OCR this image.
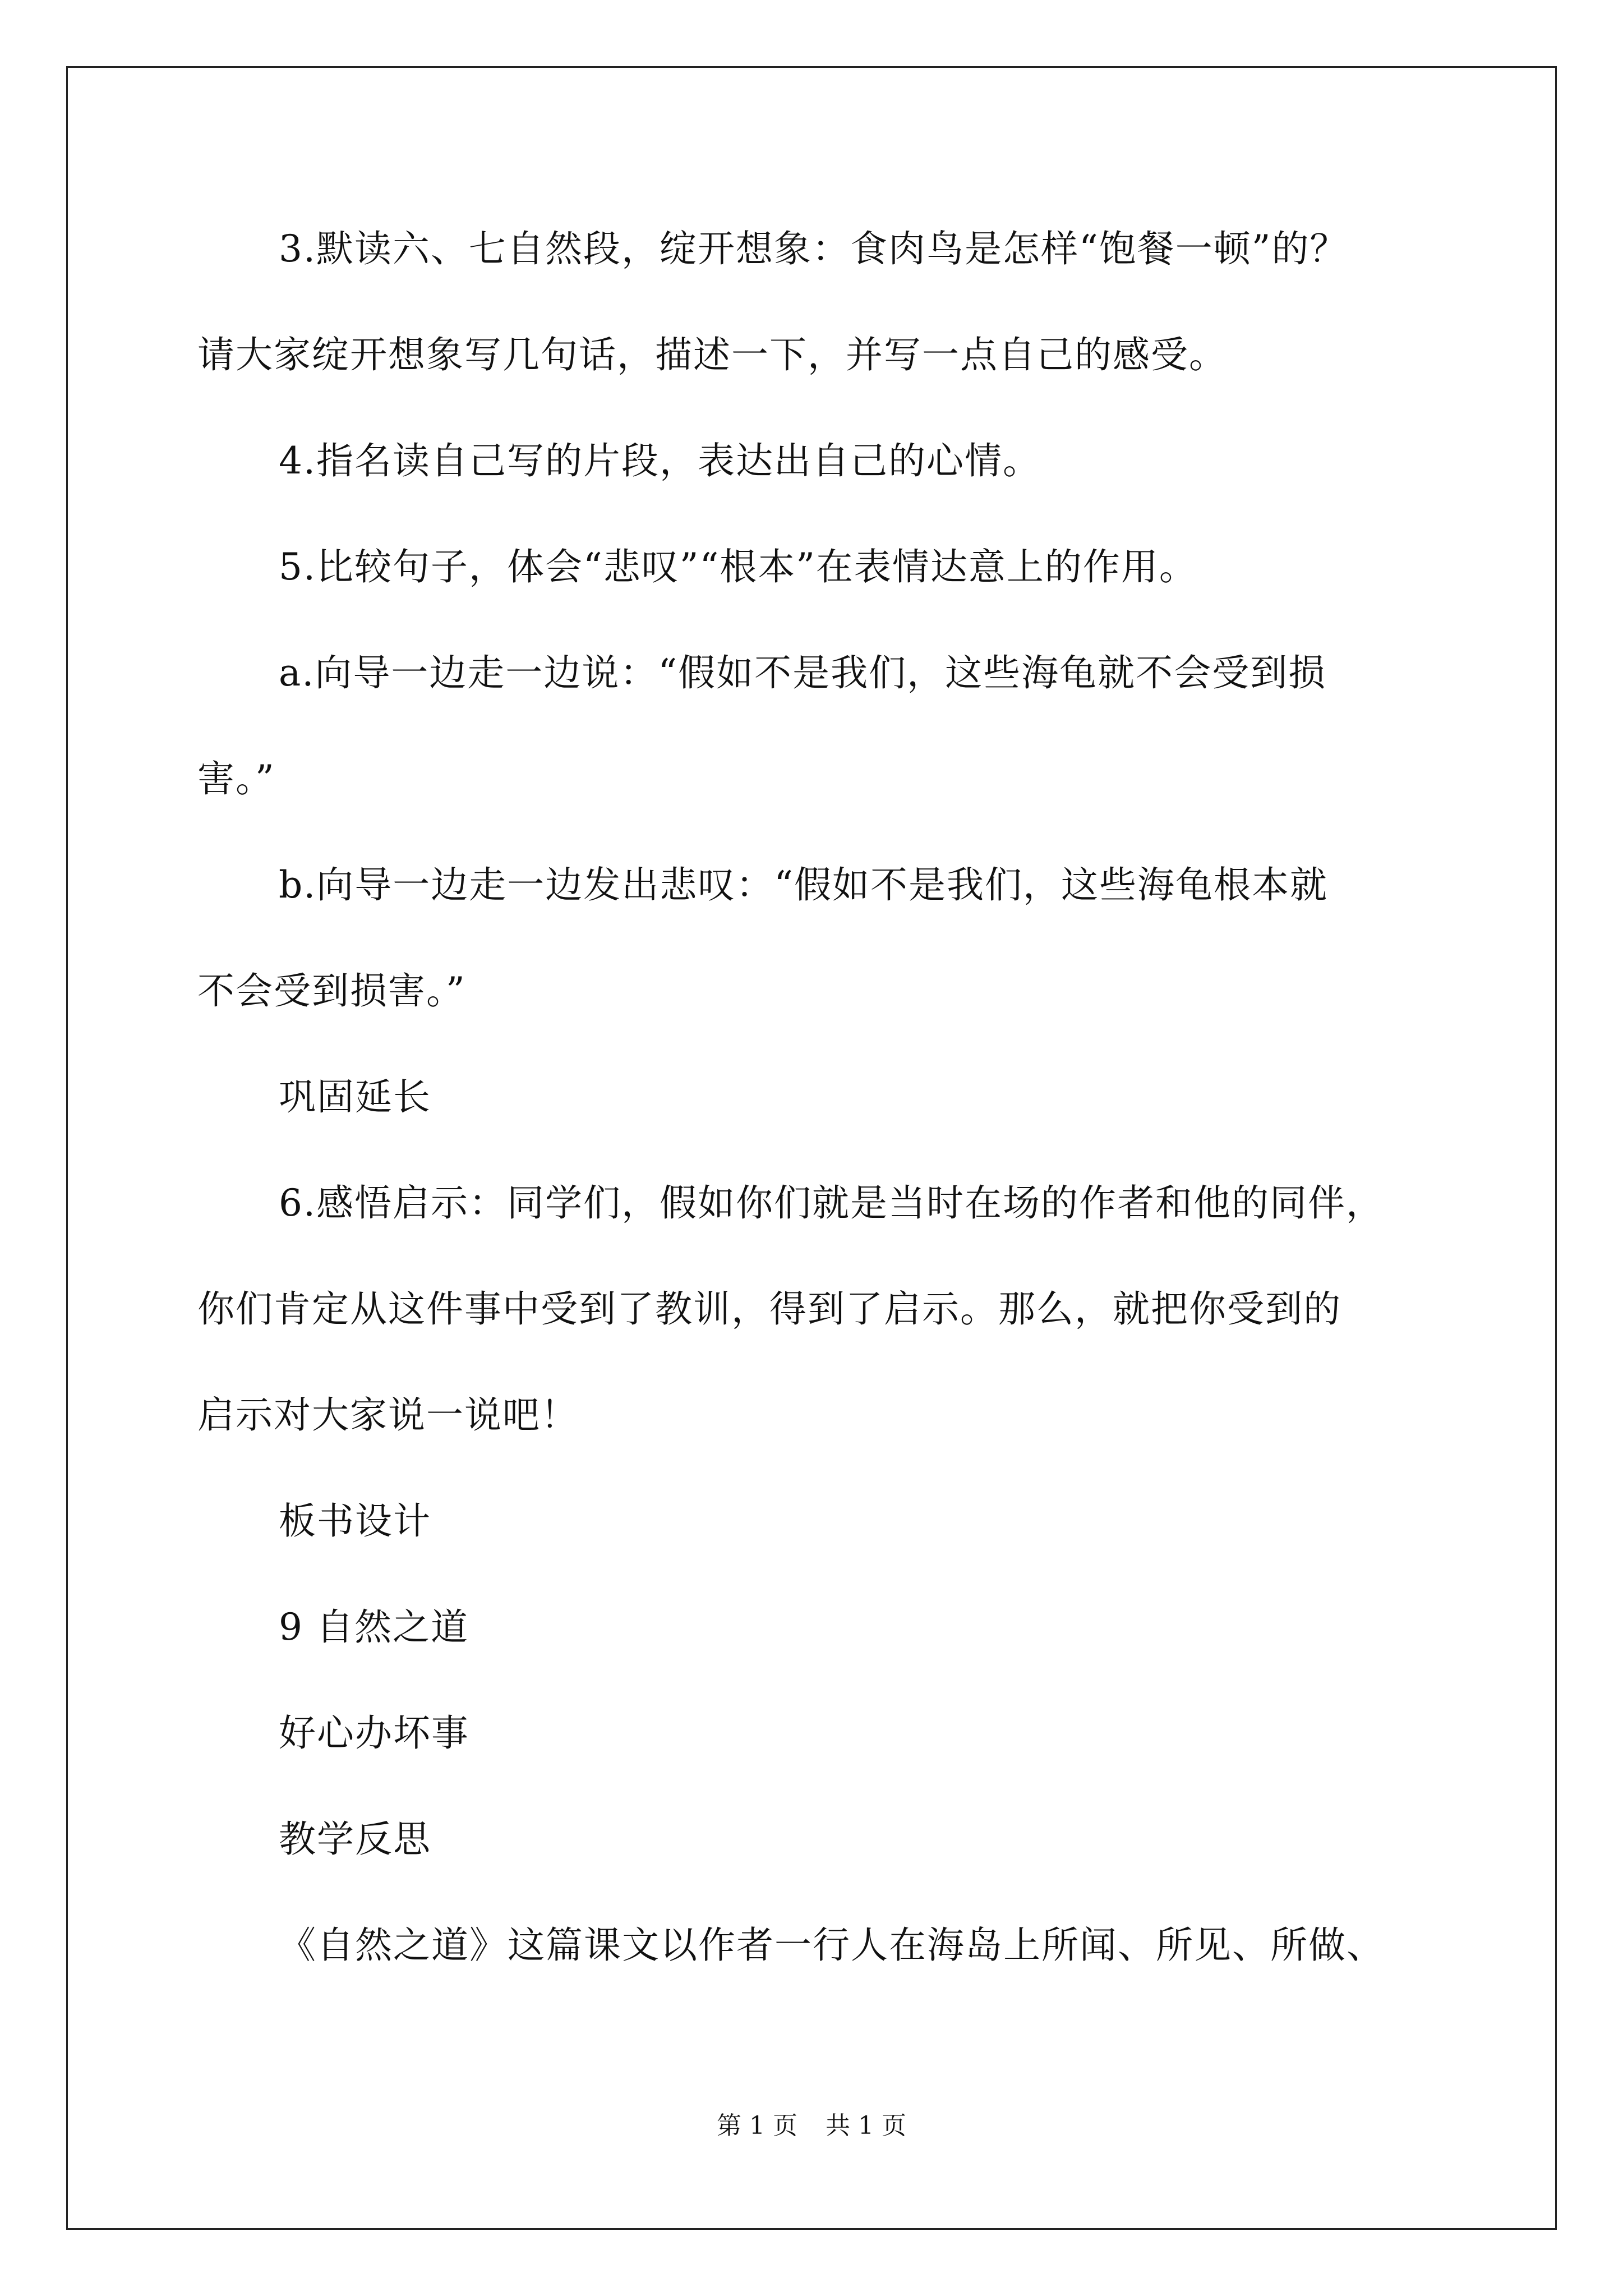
3.默读六、七自然段，绽开想象：食肉鸟是怎样“饱餐一顿”的？
请大家绽开想象写几句话，描述一下，并写一点自己的感受。
4.指名读自己写的片段，表达出自己的心情。
5.比较句子，体会“悲叹”“根本”在表情达意上的作用。
a.向导一边走一边说：“假如不是我们，这些海龟就不会受到损
害。”
b.向导一边走一边发出悲叹：“假如不是我们，这些海龟根本就
不会受到损害。”
巩固延长
6.感悟启示：同学们，假如你们就是当时在场的作者和他的同伴，
你们肯定从这件事中受到了教训，得到了启示。那么，就把你受到的
启示对大家说一说吧！
板书设计
9 自然之道
好心办坏事
教学反思
《自然之道》这篇课文以作者一行人在海岛上所闻、所见、所做、
第 1 页 共 1 页
